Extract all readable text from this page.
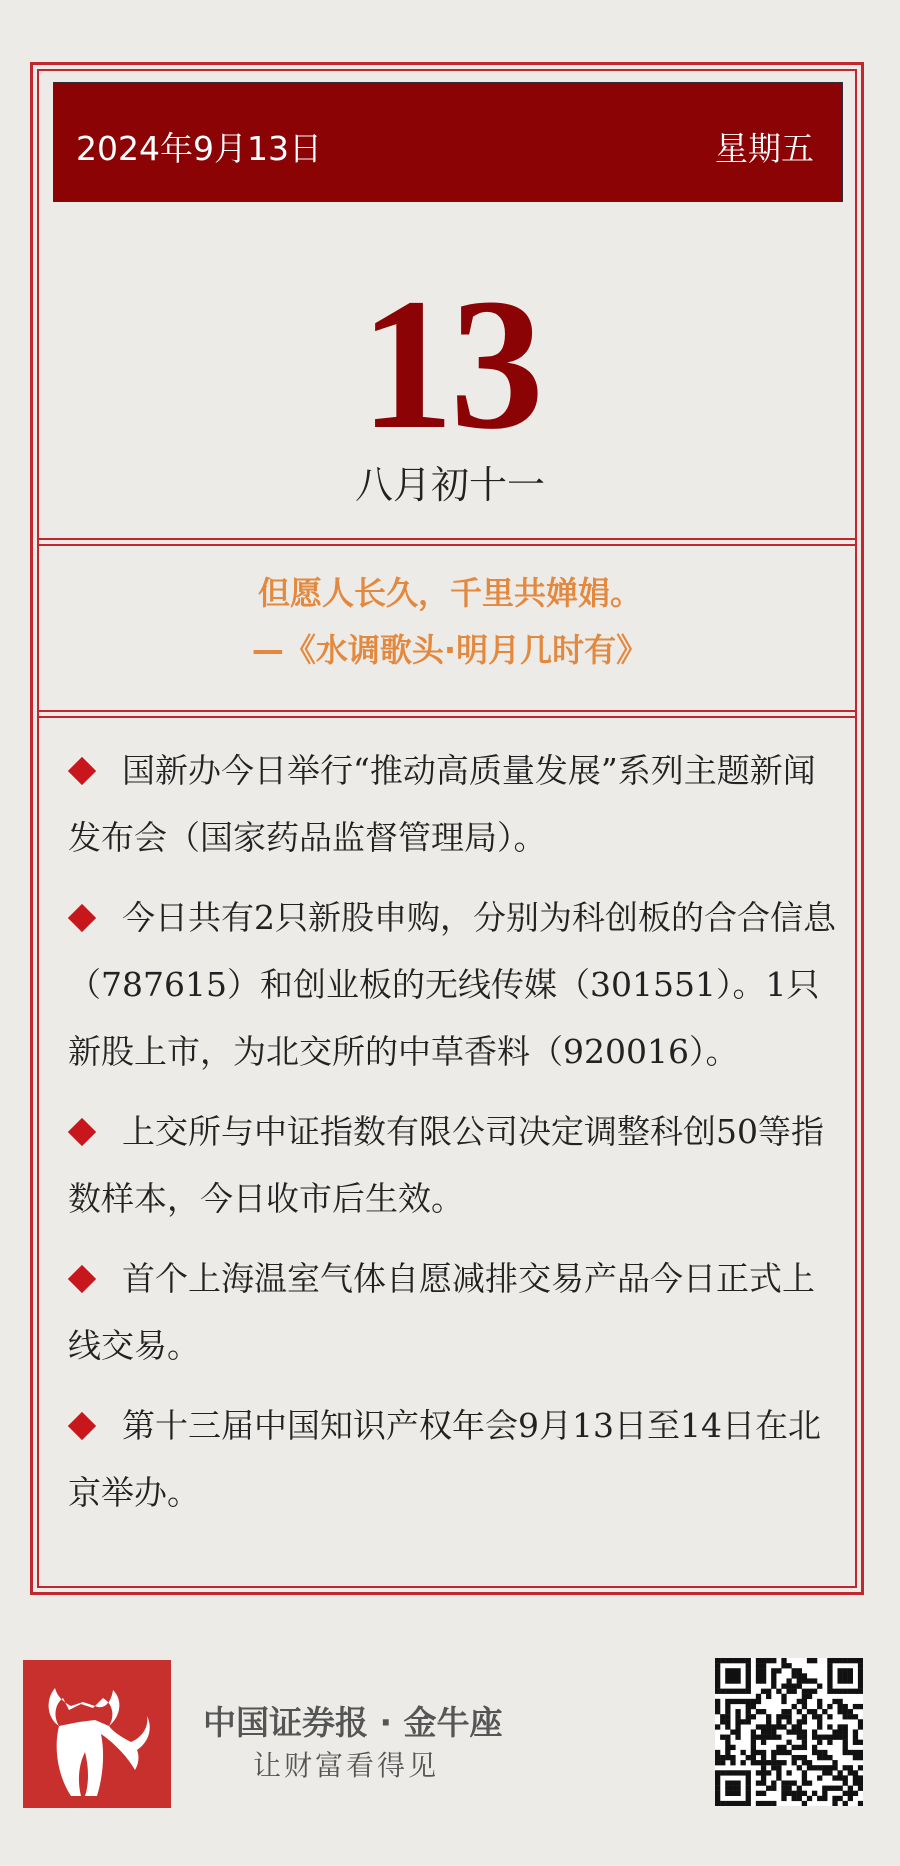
2024年9月13日	星期五
13
八月初十一
但愿人长久，千里共婵娟。
—《水调歌头·明月几时有》
国新办今日举行“推动高质量发展”系列主题新闻发布会（国家药品监督管理局）。
今日共有2只新股申购，分别为科创板的合合信息（787615）和创业板的无线传媒（301551）。1只新股上市，为北交所的中草香料（920016）。
上交所与中证指数有限公司决定调整科创50等指数样本，今日收市后生效。
首个上海温室气体自愿减排交易产品今日正式上线交易。
第十三届中国知识产权年会9月13日至14日在北京举办。
中国证券报 · 金牛座
让财富看得见
